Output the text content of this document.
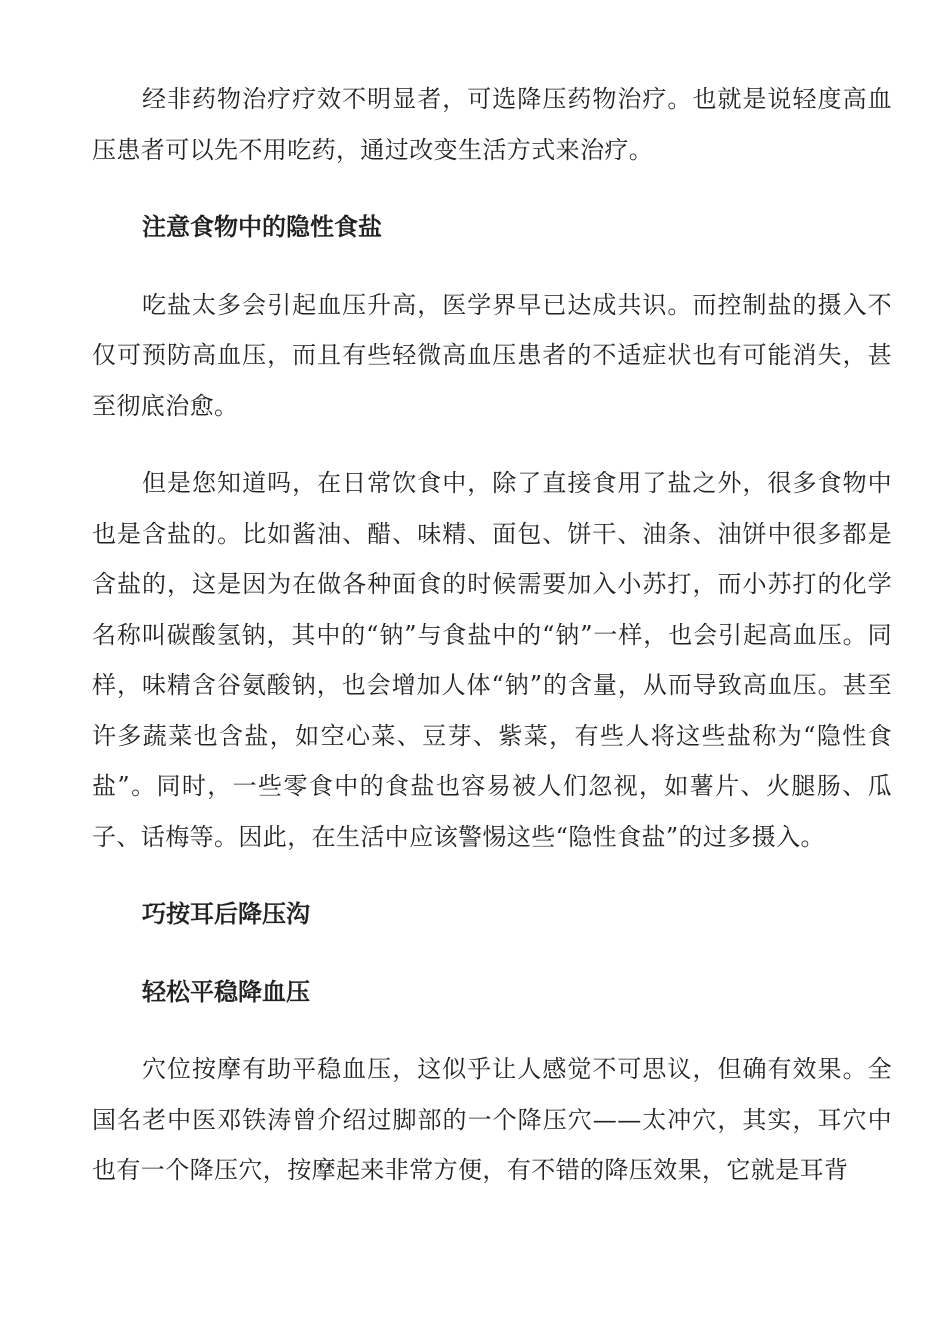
经非药物治疗疗效不明显者，可选降压药物治疗。也就是说轻度高血压患者可以先不用吃药，通过改变生活方式来治疗。

注意食物中的隐性食盐

吃盐太多会引起血压升高，医学界早已达成共识。而控制盐的摄入不仅可预防高血压，而且有些轻微高血压患者的不适症状也有可能消失，甚至彻底治愈。

但是您知道吗，在日常饮食中，除了直接食用了盐之外，很多食物中也是含盐的。比如酱油、醋、味精、面包、饼干、油条、油饼中很多都是含盐的，这是因为在做各种面食的时候需要加入小苏打，而小苏打的化学名称叫碳酸氢钠，其中的“钠”与食盐中的“钠”一样，也会引起高血压。同样，味精含谷氨酸钠，也会增加人体“钠”的含量，从而导致高血压。甚至许多蔬菜也含盐，如空心菜、豆芽、紫菜，有些人将这些盐称为“隐性食盐”。同时，一些零食中的食盐也容易被人们忽视，如薯片、火腿肠、瓜子、话梅等。因此，在生活中应该警惕这些“隐性食盐”的过多摄入。

巧按耳后降压沟

轻松平稳降血压

穴位按摩有助平稳血压，这似乎让人感觉不可思议，但确有效果。全国名老中医邓铁涛曾介绍过脚部的一个降压穴——太冲穴，其实，耳穴中也有一个降压穴，按摩起来非常方便，有不错的降压效果，它就是耳背
